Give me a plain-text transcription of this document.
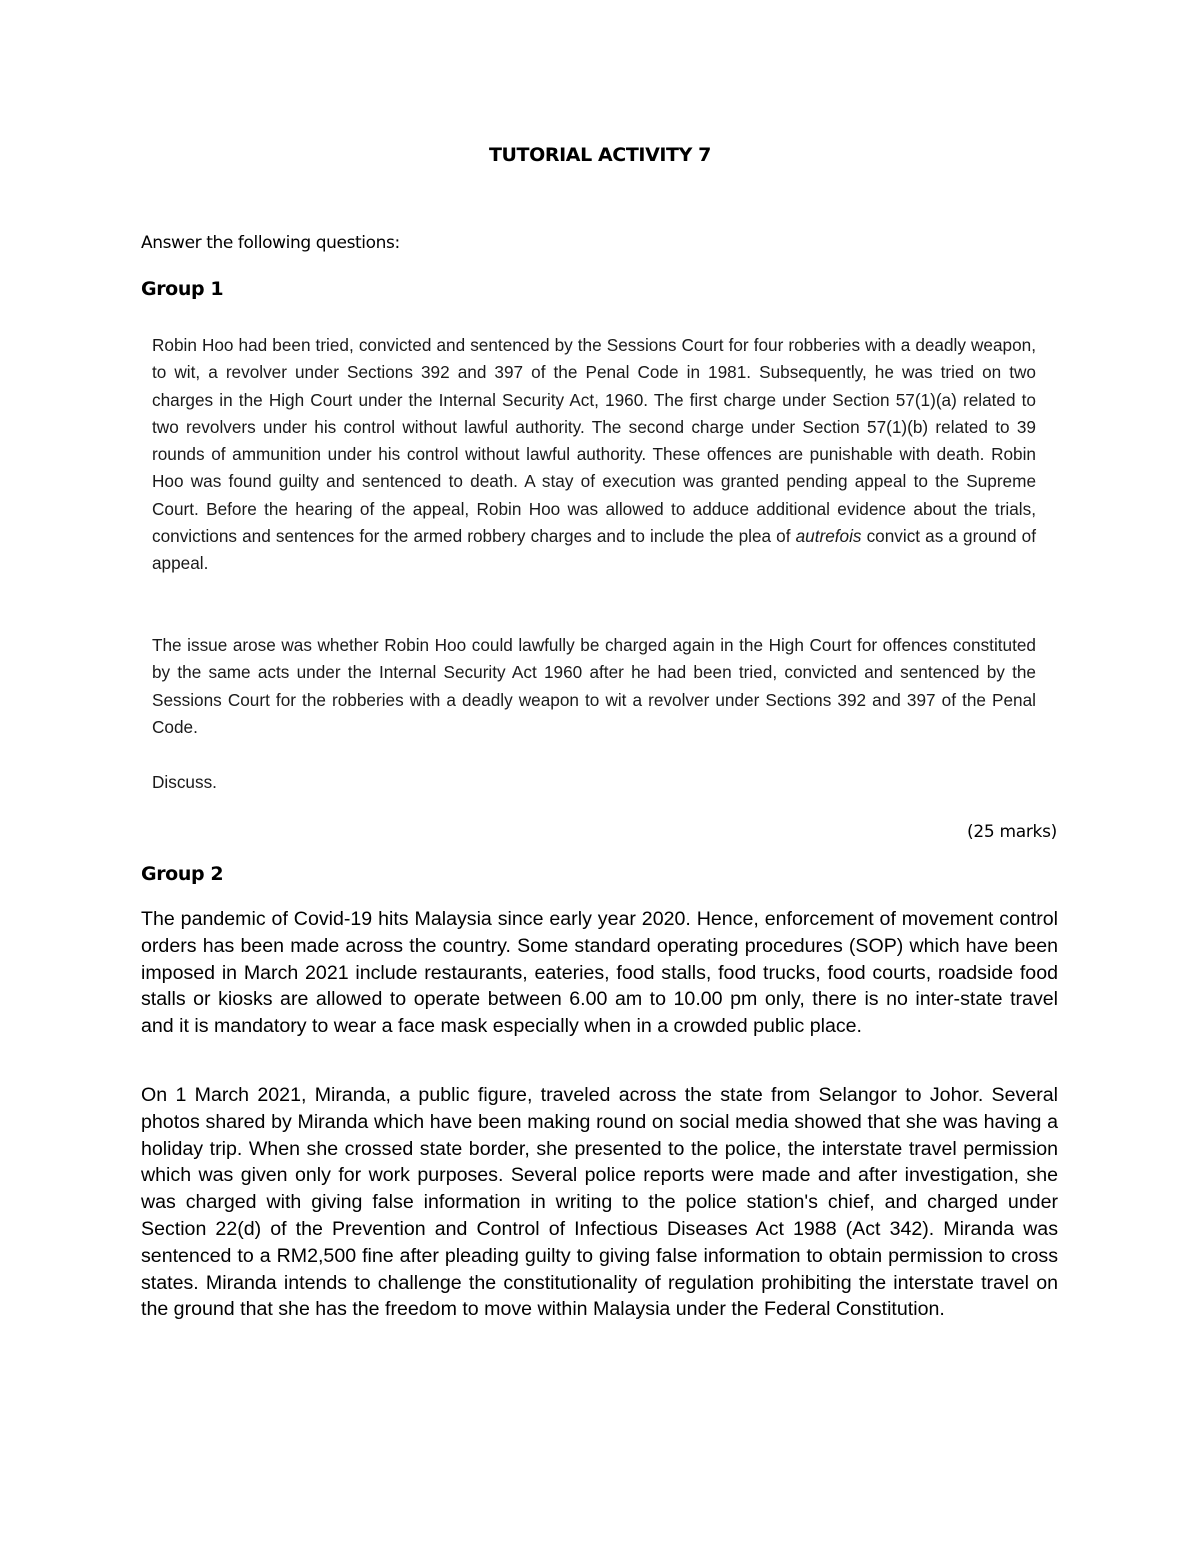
TUTORIAL ACTIVITY 7
Answer the following questions:
Group 1

Robin Hoo had been tried, convicted and sentenced by the Sessions Court for four robberies with a deadly weapon, to wit, a revolver under Sections 392 and 397 of the Penal Code in 1981. Subsequently, he was tried on two charges in the High Court under the Internal Security Act, 1960. The first charge under Section 57(1)(a) related to two revolvers under his control without lawful authority. The second charge under Section 57(1)(b) related to 39 rounds of ammunition under his control without lawful authority. These offences are punishable with death. Robin Hoo was found guilty and sentenced to death. A stay of execution was granted pending appeal to the Supreme Court. Before the hearing of the appeal, Robin Hoo was allowed to adduce additional evidence about the trials, convictions and sentences for the armed robbery charges and to include the plea of autrefois convict as a ground of appeal.

The issue arose was whether Robin Hoo could lawfully be charged again in the High Court for offences constituted by the same acts under the Internal Security Act 1960 after he had been tried, convicted and sentenced by the Sessions Court for the robberies with a deadly weapon to wit a revolver under Sections 392 and 397 of the Penal Code.

Discuss.

(25 marks)
Group 2

The pandemic of Covid-19 hits Malaysia since early year 2020. Hence, enforcement of movement control orders has been made across the country. Some standard operating procedures (SOP) which have been imposed in March 2021 include restaurants, eateries, food stalls, food trucks, food courts, roadside food stalls or kiosks are allowed to operate between 6.00 am to 10.00 pm only, there is no inter-state travel and it is mandatory to wear a face mask especially when in a crowded public place.

On 1 March 2021, Miranda, a public figure, traveled across the state from Selangor to Johor. Several photos shared by Miranda which have been making round on social media showed that she was having a holiday trip. When she crossed state border, she presented to the police, the interstate travel permission which was given only for work purposes. Several police reports were made and after investigation, she was charged with giving false information in writing to the police station's chief, and charged under Section 22(d) of the Prevention and Control of Infectious Diseases Act 1988 (Act 342). Miranda was sentenced to a RM2,500 fine after pleading guilty to giving false information to obtain permission to cross states. Miranda intends to challenge the constitutionality of regulation prohibiting the interstate travel on the ground that she has the freedom to move within Malaysia under the Federal Constitution.
